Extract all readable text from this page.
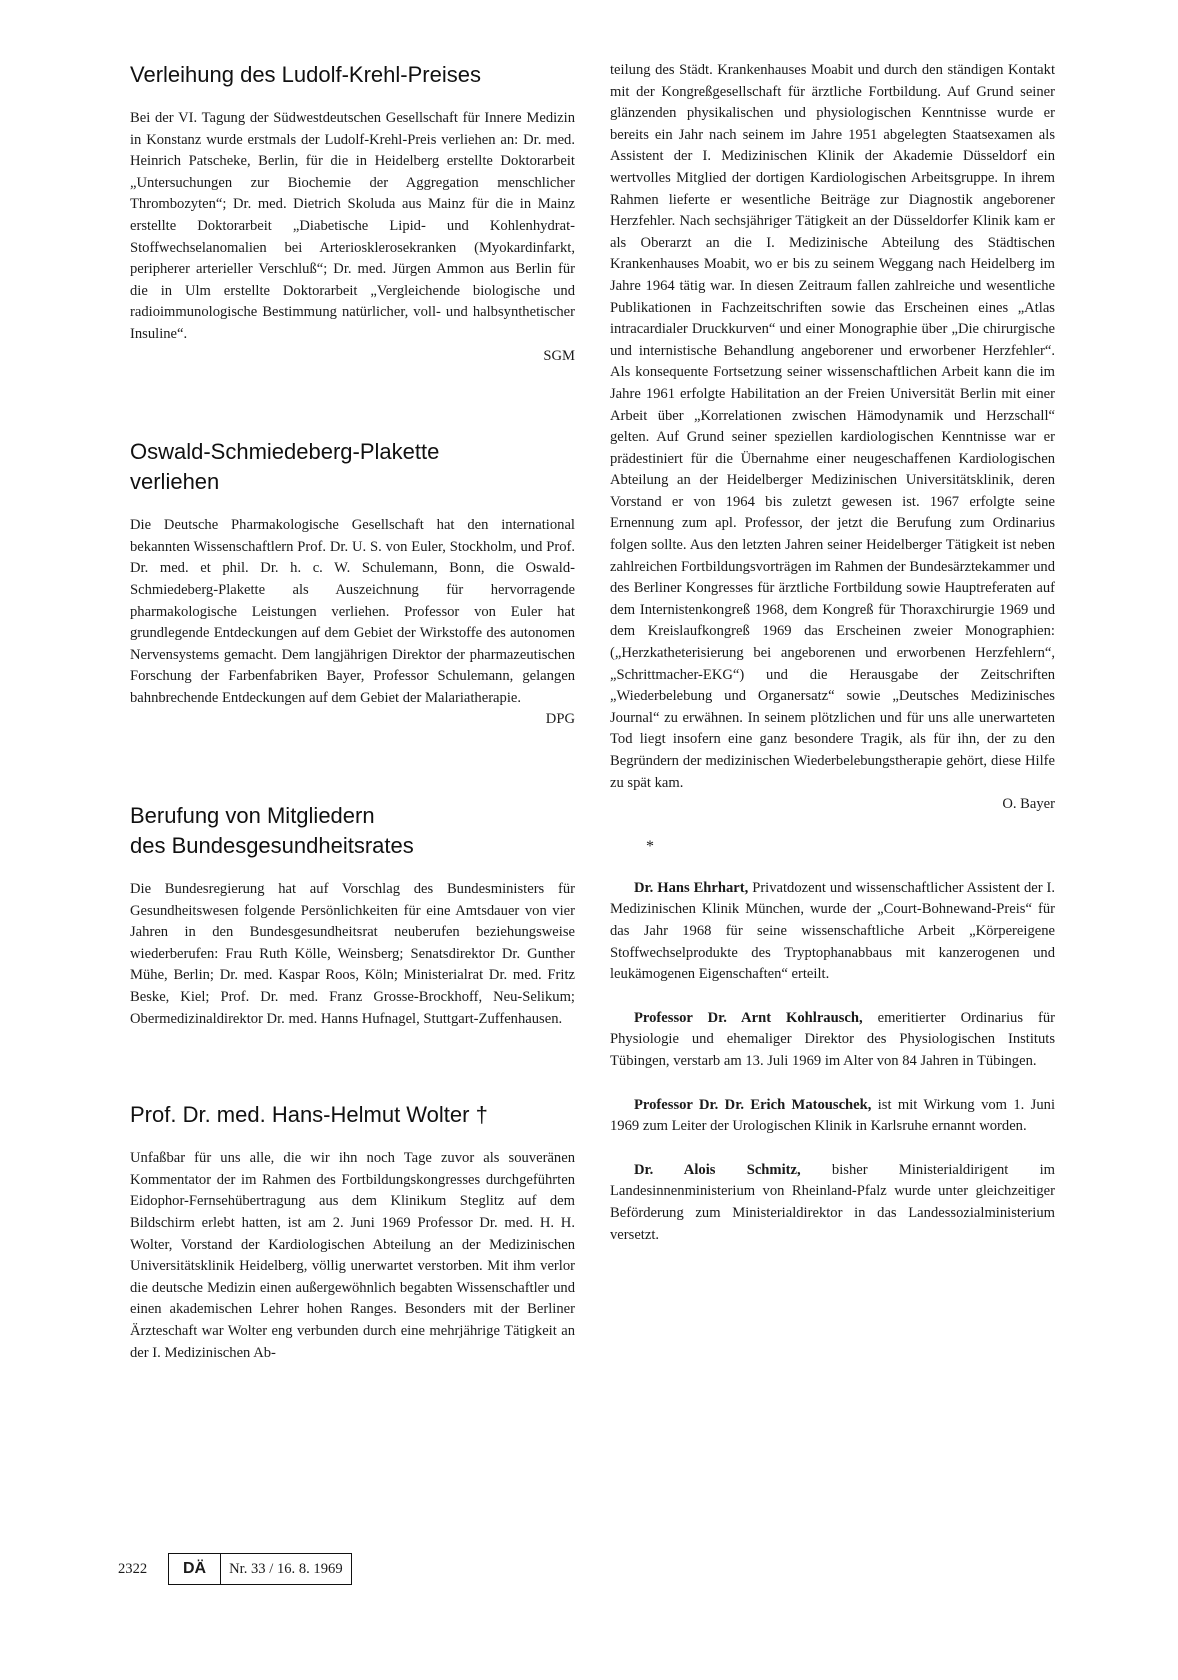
Verleihung des Ludolf-Krehl-Preises

Bei der VI. Tagung der Südwestdeutschen Gesellschaft für Innere Medizin in Konstanz wurde erstmals der Ludolf-Krehl-Preis verliehen an: Dr. med. Heinrich Patscheke, Berlin, für die in Heidelberg erstellte Doktorarbeit „Untersuchungen zur Biochemie der Aggregation menschlicher Thrombozyten“; Dr. med. Dietrich Skoluda aus Mainz für die in Mainz erstellte Doktorarbeit „Diabetische Lipid- und Kohlenhydrat-Stoffwechselanomalien bei Arteriosklerosekranken (Myokardinfarkt, peripherer arterieller Verschluß“; Dr. med. Jürgen Ammon aus Berlin für die in Ulm erstellte Doktorarbeit „Vergleichende biologische und radioimmunologische Bestimmung natürlicher, voll- und halbsynthetischer Insuline“.
SGM

Oswald-Schmiedeberg-Plakette
verliehen

Die Deutsche Pharmakologische Gesellschaft hat den international bekannten Wissenschaftlern Prof. Dr. U. S. von Euler, Stockholm, und Prof. Dr. med. et phil. Dr. h. c. W. Schulemann, Bonn, die Oswald-Schmiedeberg-Plakette als Auszeichnung für hervorragende pharmakologische Leistungen verliehen. Professor von Euler hat grundlegende Entdeckungen auf dem Gebiet der Wirkstoffe des autonomen Nervensystems gemacht. Dem langjährigen Direktor der pharmazeutischen Forschung der Farbenfabriken Bayer, Professor Schulemann, gelangen bahnbrechende Entdeckungen auf dem Gebiet der Malariatherapie.
DPG

Berufung von Mitgliedern
des Bundesgesundheitsrates

Die Bundesregierung hat auf Vorschlag des Bundesministers für Gesundheitswesen folgende Persönlichkeiten für eine Amtsdauer von vier Jahren in den Bundesgesundheitsrat neuberufen beziehungsweise wiederberufen: Frau Ruth Kölle, Weinsberg; Senatsdirektor Dr. Gunther Mühe, Berlin; Dr. med. Kaspar Roos, Köln; Ministerialrat Dr. med. Fritz Beske, Kiel; Prof. Dr. med. Franz Grosse-Brockhoff, Neu-Selikum; Obermedizinaldirektor Dr. med. Hanns Hufnagel, Stuttgart-Zuffenhausen.

Prof. Dr. med. Hans-Helmut Wolter †

Unfaßbar für uns alle, die wir ihn noch Tage zuvor als souveränen Kommentator der im Rahmen des Fortbildungskongresses durchgeführten Eidophor-Fernsehübertragung aus dem Klinikum Steglitz auf dem Bildschirm erlebt hatten, ist am 2. Juni 1969 Professor Dr. med. H. H. Wolter, Vorstand der Kardiologischen Abteilung an der Medizinischen Universitätsklinik Heidelberg, völlig unerwartet verstorben. Mit ihm verlor die deutsche Medizin einen außergewöhnlich begabten Wissenschaftler und einen akademischen Lehrer hohen Ranges. Besonders mit der Berliner Ärzteschaft war Wolter eng verbunden durch eine mehrjährige Tätigkeit an der I. Medizinischen Ab-

teilung des Städt. Krankenhauses Moabit und durch den ständigen Kontakt mit der Kongreßgesellschaft für ärztliche Fortbildung. Auf Grund seiner glänzenden physikalischen und physiologischen Kenntnisse wurde er bereits ein Jahr nach seinem im Jahre 1951 abgelegten Staatsexamen als Assistent der I. Medizinischen Klinik der Akademie Düsseldorf ein wertvolles Mitglied der dortigen Kardiologischen Arbeitsgruppe. In ihrem Rahmen lieferte er wesentliche Beiträge zur Diagnostik angeborener Herzfehler. Nach sechsjähriger Tätigkeit an der Düsseldorfer Klinik kam er als Oberarzt an die I. Medizinische Abteilung des Städtischen Krankenhauses Moabit, wo er bis zu seinem Weggang nach Heidelberg im Jahre 1964 tätig war. In diesen Zeitraum fallen zahlreiche und wesentliche Publikationen in Fachzeitschriften sowie das Erscheinen eines „Atlas intracardialer Druckkurven“ und einer Monographie über „Die chirurgische und internistische Behandlung angeborener und erworbener Herzfehler“. Als konsequente Fortsetzung seiner wissenschaftlichen Arbeit kann die im Jahre 1961 erfolgte Habilitation an der Freien Universität Berlin mit einer Arbeit über „Korrelationen zwischen Hämodynamik und Herzschall“ gelten. Auf Grund seiner speziellen kardiologischen Kenntnisse war er prädestiniert für die Übernahme einer neugeschaffenen Kardiologischen Abteilung an der Heidelberger Medizinischen Universitätsklinik, deren Vorstand er von 1964 bis zuletzt gewesen ist. 1967 erfolgte seine Ernennung zum apl. Professor, der jetzt die Berufung zum Ordinarius folgen sollte. Aus den letzten Jahren seiner Heidelberger Tätigkeit ist neben zahlreichen Fortbildungsvorträgen im Rahmen der Bundesärztekammer und des Berliner Kongresses für ärztliche Fortbildung sowie Hauptreferaten auf dem Internistenkongreß 1968, dem Kongreß für Thoraxchirurgie 1969 und dem Kreislaufkongreß 1969 das Erscheinen zweier Monographien: („Herzkatheterisierung bei angeborenen und erworbenen Herzfehlern“, „Schrittmacher-EKG“) und die Herausgabe der Zeitschriften „Wiederbelebung und Organersatz“ sowie „Deutsches Medizinisches Journal“ zu erwähnen. In seinem plötzlichen und für uns alle unerwarteten Tod liegt insofern eine ganz besondere Tragik, als für ihn, der zu den Begründern der medizinischen Wiederbelebungstherapie gehört, diese Hilfe zu spät kam.
O. Bayer

*

Dr. Hans Ehrhart, Privatdozent und wissenschaftlicher Assistent der I. Medizinischen Klinik München, wurde der „Court-Bohnewand-Preis“ für das Jahr 1968 für seine wissenschaftliche Arbeit „Körpereigene Stoffwechselprodukte des Tryptophanabbaus mit kanzerogenen und leukämogenen Eigenschaften“ erteilt.

Professor Dr. Arnt Kohlrausch, emeritierter Ordinarius für Physiologie und ehemaliger Direktor des Physiologischen Instituts Tübingen, verstarb am 13. Juli 1969 im Alter von 84 Jahren in Tübingen.

Professor Dr. Dr. Erich Matouschek, ist mit Wirkung vom 1. Juni 1969 zum Leiter der Urologischen Klinik in Karlsruhe ernannt worden.

Dr. Alois Schmitz, bisher Ministerialdirigent im Landesinnenministerium von Rheinland-Pfalz wurde unter gleichzeitiger Beförderung zum Ministerialdirektor in das Landessozialministerium versetzt.

2322	DÄ	Nr. 33 / 16. 8. 1969
